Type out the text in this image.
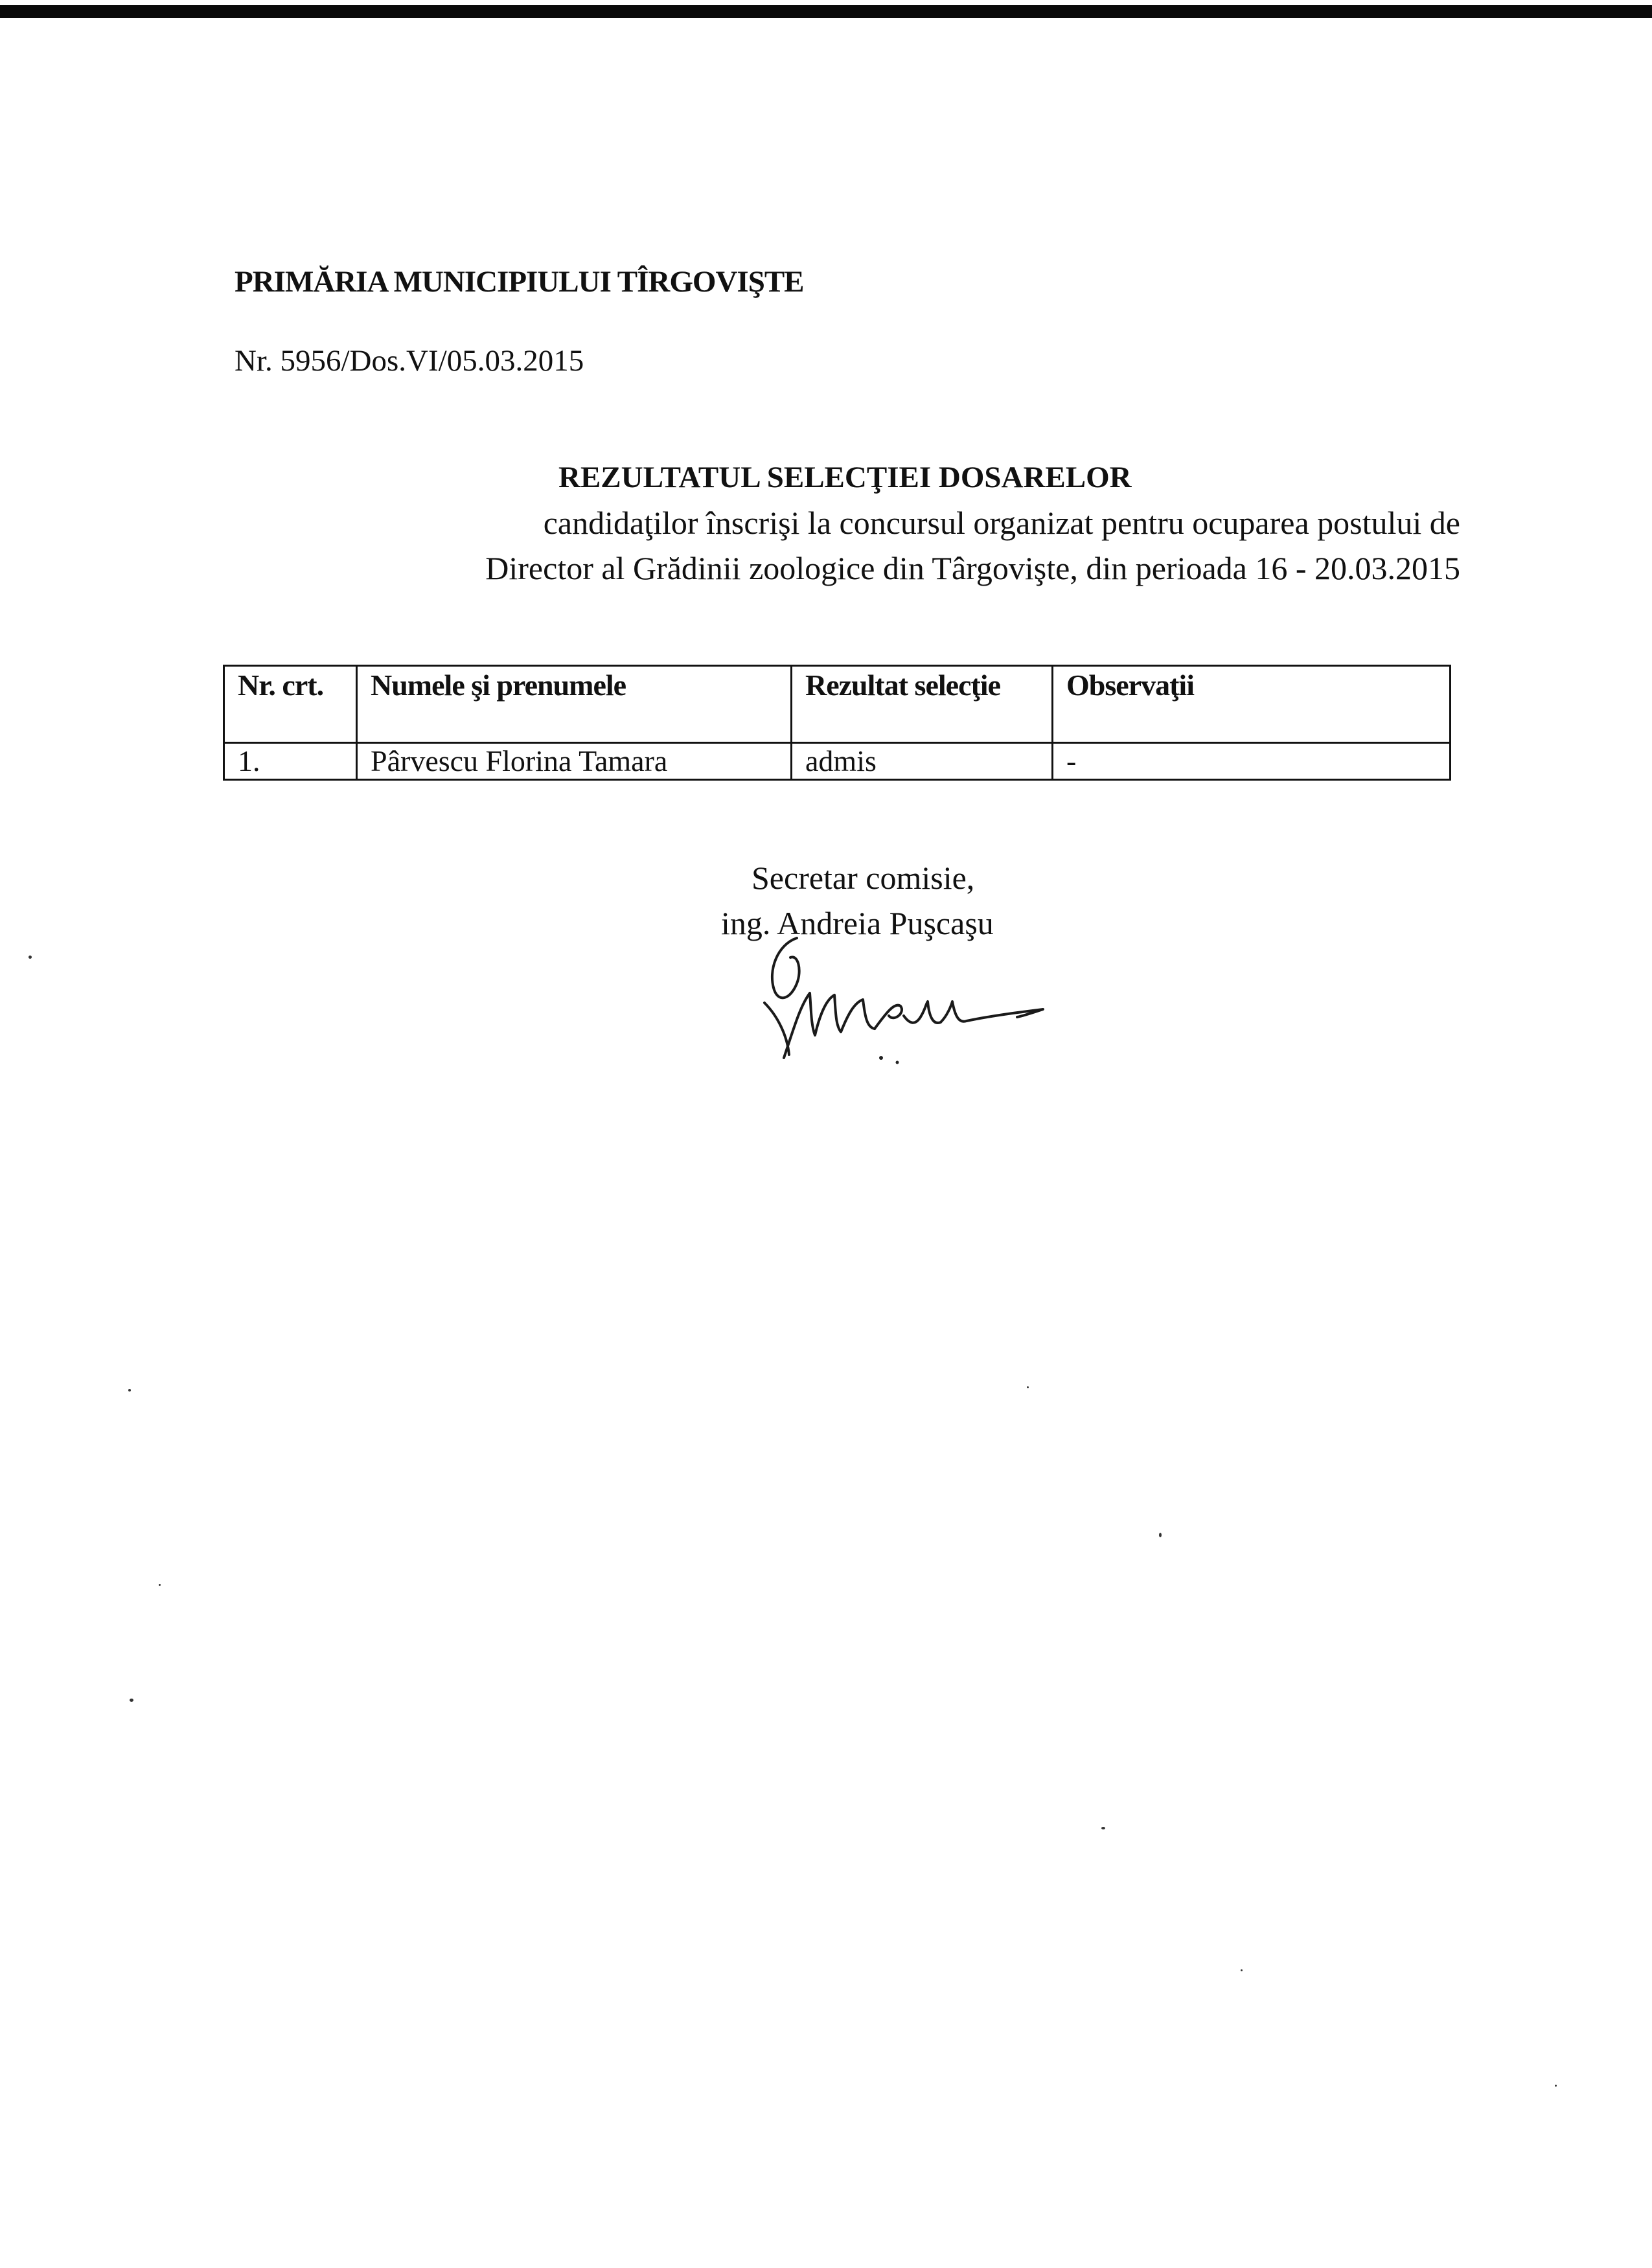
PRIMĂRIA MUNICIPIULUI TÎRGOVIŞTE
Nr. 5956/Dos.VI/05.03.2015
REZULTATUL SELECŢIEI DOSARELOR
candidaţilor înscrişi la concursul organizat pentru ocuparea postului de
Director al Grădinii zoologice din Târgovişte, din perioada 16 - 20.03.2015
Nr. crt.	Numele şi prenumele	Rezultat selecţie	Observaţii
1.	Pârvescu Florina Tamara	admis	-
Secretar comisie,
ing. Andreia Puşcaşu
